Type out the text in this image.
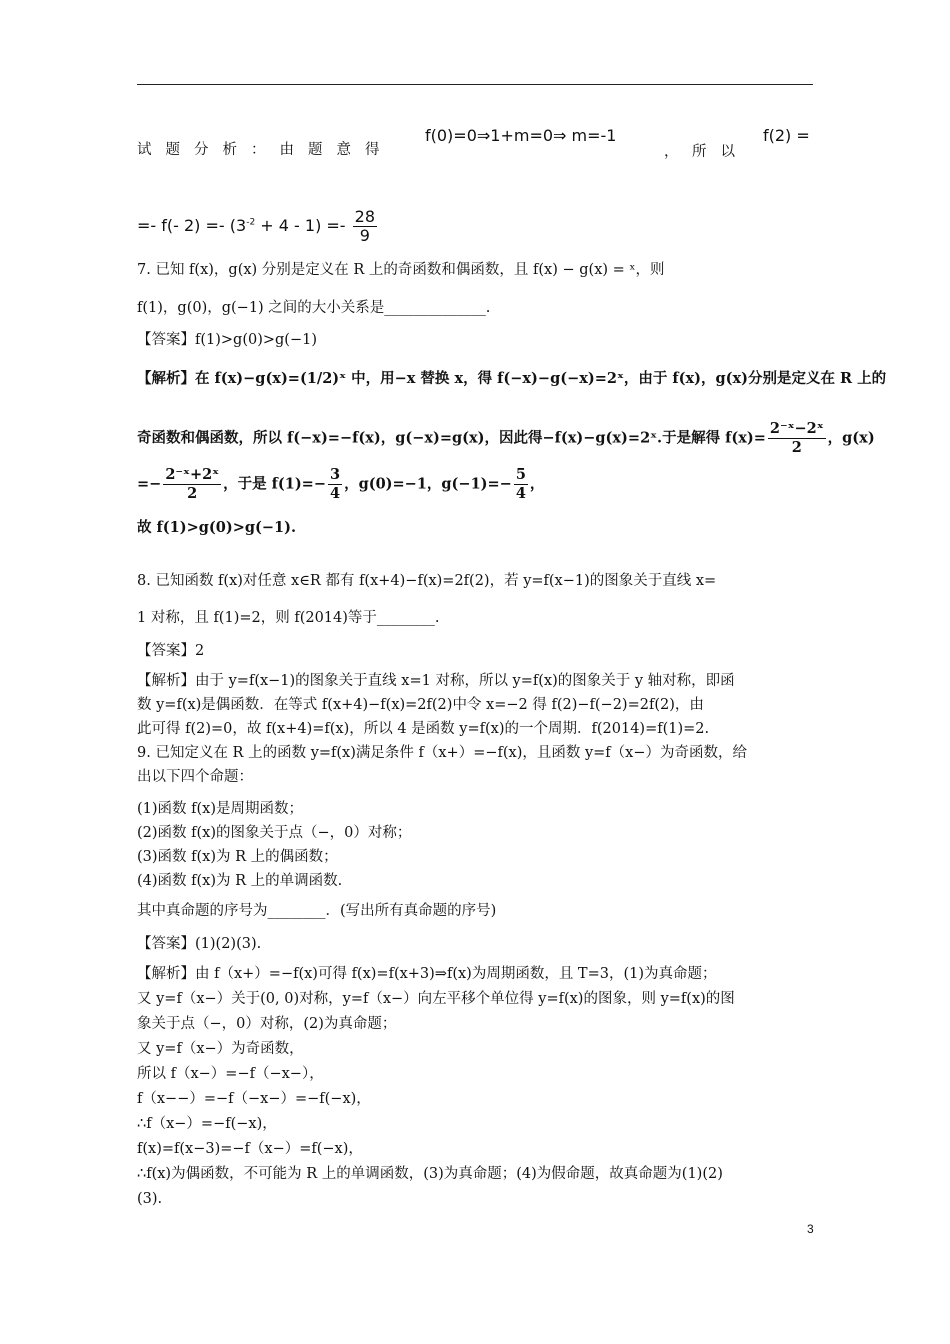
试题分析：由题意得
f(0)=0⇒1+m=0⇒ m=-1
， 所以
f(2) =
=- f(- $2) =- (3^{-2} + 4 - 1) =- \frac{28}{9}$
7. 已知 f(x)，g(x) 分别是定义在 R 上的奇函数和偶函数，且 f(x) − g(x) = ˣ，则
f(1)，g(0)，g(−1) 之间的大小关系是______________.
【答案】f(1)>g(0)>g(−1)
【解析】在 f(x)−g(x)=(1/2)ˣ 中，用−x 替换 x，得 f(−x)−g(−x)=2ˣ，由于 f(x)，g(x)分别是定义在 R 上的
奇函数和偶函数，所以 f(−x)=−f(x)，g(−x)=g(x)，因此得−f(x)−g(x)=2ˣ.于是解得 $f(x)= \frac{\text{2⁻ˣ−2ˣ}}{2}$ ，g(x)
=− $\frac{\text{2⁻ˣ+2ˣ}}{2}$ ，于是 $f(1)=- \frac{3}{4}$ ，g(0)=−1，$g(-1)=- \frac{5}{4}$ ，
故 f(1)>g(0)>g(−1).
8. 已知函数 f(x)对任意 x∈R 都有 f(x+4)−f(x)=2f(2)，若 y=f(x−1)的图象关于直线 x=
1 对称，且 f(1)=2，则 f(2014)等于________.
【答案】2
【解析】由于 y=f(x−1)的图象关于直线 x=1 对称，所以 y=f(x)的图象关于 y 轴对称，即函
数 y=f(x)是偶函数．在等式 f(x+4)−f(x)=2f(2)中令 x=−2 得 f(2)−f(−2)=2f(2)，由
此可得 f(2)=0，故 f(x+4)=f(x)，所以 4 是函数 y=f(x)的一个周期．f(2014)=f(1)=2.
9. 已知定义在 R 上的函数 y=f(x)满足条件 f（x+）=−f(x)，且函数 y=f（x−）为奇函数，给
出以下四个命题：
(1)函数 f(x)是周期函数；
(2)函数 f(x)的图象关于点（−，0）对称；
(3)函数 f(x)为 R 上的偶函数；
(4)函数 f(x)为 R 上的单调函数.
其中真命题的序号为________．(写出所有真命题的序号)
【答案】(1)(2)(3).
【解析】由 f（x+）=−f(x)可得 f(x)=f(x+3)⇒f(x)为周期函数，且 T=3，(1)为真命题；
又 y=f（x−）关于(0, 0)对称，y=f（x−）向左平移个单位得 y=f(x)的图象，则 y=f(x)的图
象关于点（−，0）对称，(2)为真命题；
又 y=f（x−）为奇函数，
所以 f（x−）=−f（−x−），
f（x−−）=−f（−x−）=−f(−x)，
∴f（x−）=−f(−x)，
f(x)=f(x−3)=−f（x−）=f(−x)，
∴f(x)为偶函数，不可能为 R 上的单调函数，(3)为真命题；(4)为假命题，故真命题为(1)(2)
(3).
3
